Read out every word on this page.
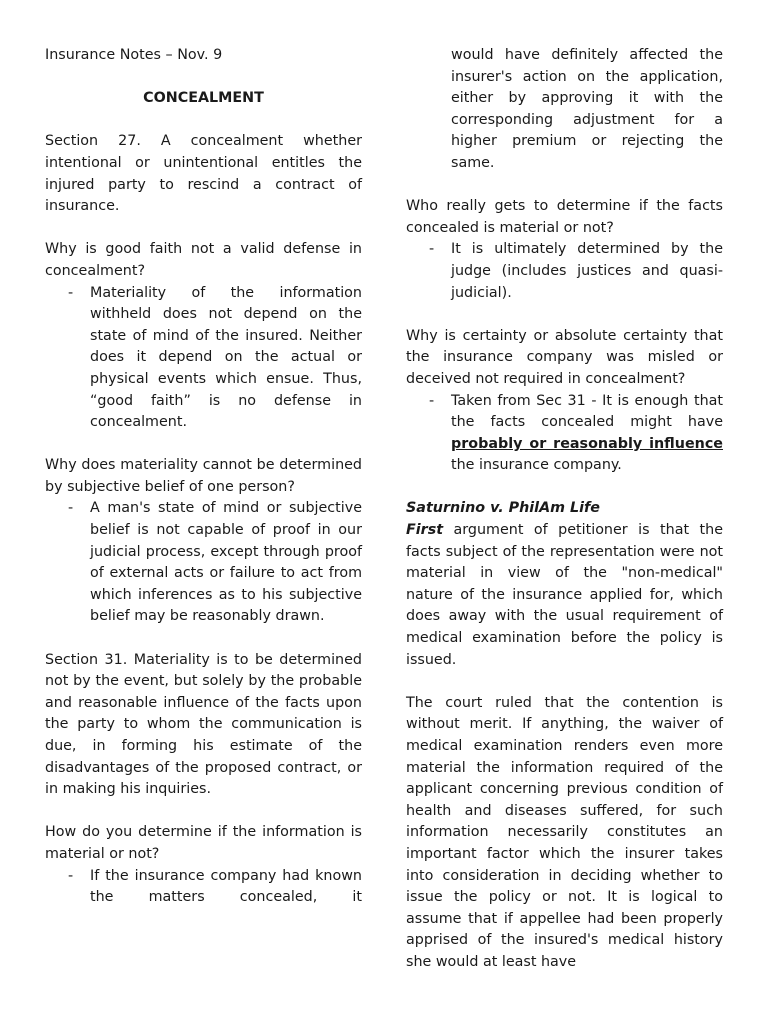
Insurance Notes – Nov. 9

CONCEALMENT

Section 27. A concealment whether intentional or unintentional entitles the injured party to rescind a contract of insurance.

Why is good faith not a valid defense in concealment?

- Materiality of the information withheld does not depend on the state of mind of the insured. Neither does it depend on the actual or physical events which ensue. Thus, “good faith” is no defense in concealment.

Why does materiality cannot be determined by subjective belief of one person?

- A man's state of mind or subjective belief is not capable of proof in our judicial process, except through proof of external acts or failure to act from which inferences as to his subjective belief may be reasonably drawn.

Section 31. Materiality is to be determined not by the event, but solely by the probable and reasonable influence of the facts upon the party to whom the communication is due, in forming his estimate of the disadvantages of the proposed contract, or in making his inquiries.

How do you determine if the information is material or not?

- If the insurance company had known the matters concealed, it
would have definitely affected the insurer's action on the application, either by approving it with the corresponding adjustment for a higher premium or rejecting the same.

Who really gets to determine if the facts concealed is material or not?

- It is ultimately determined by the judge (includes justices and quasi-judicial).

Why is certainty or absolute certainty that the insurance company was misled or deceived not required in concealment?

- Taken from Sec 31 - It is enough that the facts concealed might have probably or reasonably influence the insurance company.

Saturnino v. PhilAm Life

First argument of petitioner is that the facts subject of the representation were not material in view of the "non-medical" nature of the insurance applied for, which does away with the usual requirement of medical examination before the policy is issued.

The court ruled that the contention is without merit. If anything, the waiver of medical examination renders even more material the information required of the applicant concerning previous condition of health and diseases suffered, for such information necessarily constitutes an important factor which the insurer takes into consideration in deciding whether to issue the policy or not. It is logical to assume that if appellee had been properly apprised of the insured's medical history she would at least have
